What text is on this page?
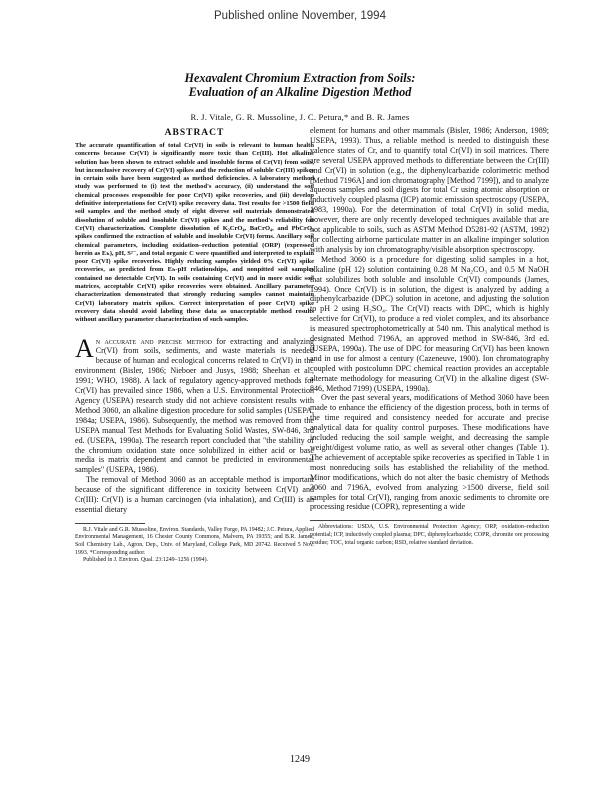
Published online November, 1994
Hexavalent Chromium Extraction from Soils:
Evaluation of an Alkaline Digestion Method
R. J. Vitale, G. R. Mussoline, J. C. Petura,* and B. R. James
ABSTRACT

The accurate quantification of total Cr(VI) in soils is relevant to human health concerns because Cr(VI) is significantly more toxic than Cr(III). Hot alkaline solution has been shown to extract soluble and insoluble forms of Cr(VI) from soils, but inconclusive recovery of Cr(VI) spikes and the reduction of soluble Cr(III) spikes in certain soils have been suggested as method deficiencies. A laboratory method study was performed to (i) test the method's accuracy, (ii) understand the soil chemical processes responsible for poor Cr(VI) spike recoveries, and (iii) develop definitive interpretations for Cr(VI) spike recovery data. Test results for >1500 field soil samples and the method study of eight diverse soil materials demonstrated dissolution of soluble and insoluble Cr(VI) spikes and the method's reliability for Cr(VI) characterization. Complete dissolution of K₂CrO₄, BaCrO₄, and PbCrO₄ spikes confirmed the extraction of soluble and insoluble Cr(VI) forms. Ancillary soil chemical parameters, including oxidation–reduction potential (ORP) (expressed herein as Eₕ), pH, S²⁻, and total organic C were quantified and interpreted to explain poor Cr(VI) spike recoveries. Highly reducing samples yielded 0% Cr(VI) spike recoveries, as predicted from Eₕ-pH relationships, and nonpitted soil samples contained no detectable Cr(VI). In soils containing Cr(VI) and in more oxidic soil matrices, acceptable Cr(VI) spike recoveries were obtained. Ancillary parameter characterization demonstrated that strongly reducing samples cannot maintain Cr(VI) laboratory matrix spikes. Correct interpretation of poor Cr(VI) spike recovery data should avoid labeling these data as unacceptable method results without ancillary parameter characterization of such samples.

An accurate and precise method for extracting and analyzing Cr(VI) from soils, sediments, and waste materials is needed because of human and ecological concerns related to Cr(VI) in the environment (Bisler, 1986; Nieboer and Jusys, 1988; Sheehan et al., 1991; WHO, 1988). A lack of regulatory agency-approved methods for Cr(VI) has prevailed since 1986, when a U.S. Environmental Protection Agency (USEPA) research study did not achieve consistent results with Method 3060, an alkaline digestion procedure for solid samples (USEPA, 1984a; USEPA, 1986). Subsequently, the method was removed from the USEPA manual Test Methods for Evaluating Solid Wastes, SW-846, 3rd ed. (USEPA, 1990a). The research report concluded that "the stability of the chromium oxidation state once solubilized in either acid or base media is matrix dependent and cannot be predicted in environmental samples" (USEPA, 1986).

The removal of Method 3060 as an acceptable method is important because of the significant difference in toxicity between Cr(VI) and Cr(III): Cr(VI) is a human carcinogen (via inhalation), and Cr(III) is an essential dietary

R.J. Vitale and G.R. Mussoline, Environ. Standards, Valley Forge, PA 19482; J.C. Petura, Applied Environmental Management, 16 Chester County Commons, Malvern, PA 19355; and B.R. James, Soil Chemistry Lab., Agron. Dep., Univ. of Maryland, College Park, MD 20742. Received 5 Nov. 1993. *Corresponding author.

Published in J. Environ. Qual. 23:1249–1256 (1994).

element for humans and other mammals (Bisler, 1986; Anderson, 1989; USEPA, 1993). Thus, a reliable method is needed to distinguish these valence states of Cr, and to quantify total Cr(VI) in soil matrices. There are several USEPA approved methods to differentiate between the Cr(III) and Cr(VI) in solution (e.g., the diphenylcarbazide colorimetric method [Method 7196A] and ion chromatography [Method 7199]), and to analyze aqueous samples and soil digests for total Cr using atomic absorption or inductively coupled plasma (ICP) atomic emission spectroscopy (USEPA, 1983, 1990a). For the determination of total Cr(VI) in solid media, however, there are only recently developed techniques available that are not applicable to soils, such as ASTM Method D5281-92 (ASTM, 1992) for collecting airborne particulate matter in an alkaline impinger solution with analysis by ion chromatography/visible absorption spectroscopy.

Method 3060 is a procedure for digesting solid samples in a hot, alkaline (pH 12) solution containing 0.28 M Na₂CO₃ and 0.5 M NaOH that solubilizes both soluble and insoluble Cr(VI) compounds (James, 1994). Once Cr(VI) is in solution, the digest is analyzed by adding a diphenylcarbazide (DPC) solution in acetone, and adjusting the solution to pH 2 using H₂SO₄. The Cr(VI) reacts with DPC, which is highly selective for Cr(VI), to produce a red violet complex, and its absorbance is measured spectrophotometrically at 540 nm. This analytical method is designated Method 7196A, an approved method in SW-846, 3rd ed. (USEPA, 1990a). The use of DPC for measuring Cr(VI) has been known and in use for almost a century (Cazeneuve, 1900). Ion chromatography coupled with postcolumn DPC chemical reaction provides an acceptable alternate methodology for measuring Cr(VI) in the alkaline digest (SW-846, Method 7199) (USEPA, 1990a).

Over the past several years, modifications of Method 3060 have been made to enhance the efficiency of the digestion process, both in terms of the time required and consistency needed for accurate and precise analytical data for quality control purposes. These modifications have included reducing the soil sample weight, and decreasing the sample weight/digest volume ratio, as well as several other changes (Table 1). The achievement of acceptable spike recoveries as specified in Table 1 in most nonreducing soils has established the reliability of the method. Minor modifications, which do not alter the basic chemistry of Methods 3060 and 7196A, evolved from analyzing >1500 diverse, field soil samples for total Cr(VI), ranging from anoxic sediments to chromite ore processing residue (COPR), representing a wide

Abbreviations: USDA, U.S. Environmental Protection Agency; ORP, oxidation–reduction potential; ICP, inductively coupled plasma; DPC, diphenylcarbazide; COPR, chromite ore processing residue; TOC, total organic carbon; RSD, relative standard deviation.

1249
